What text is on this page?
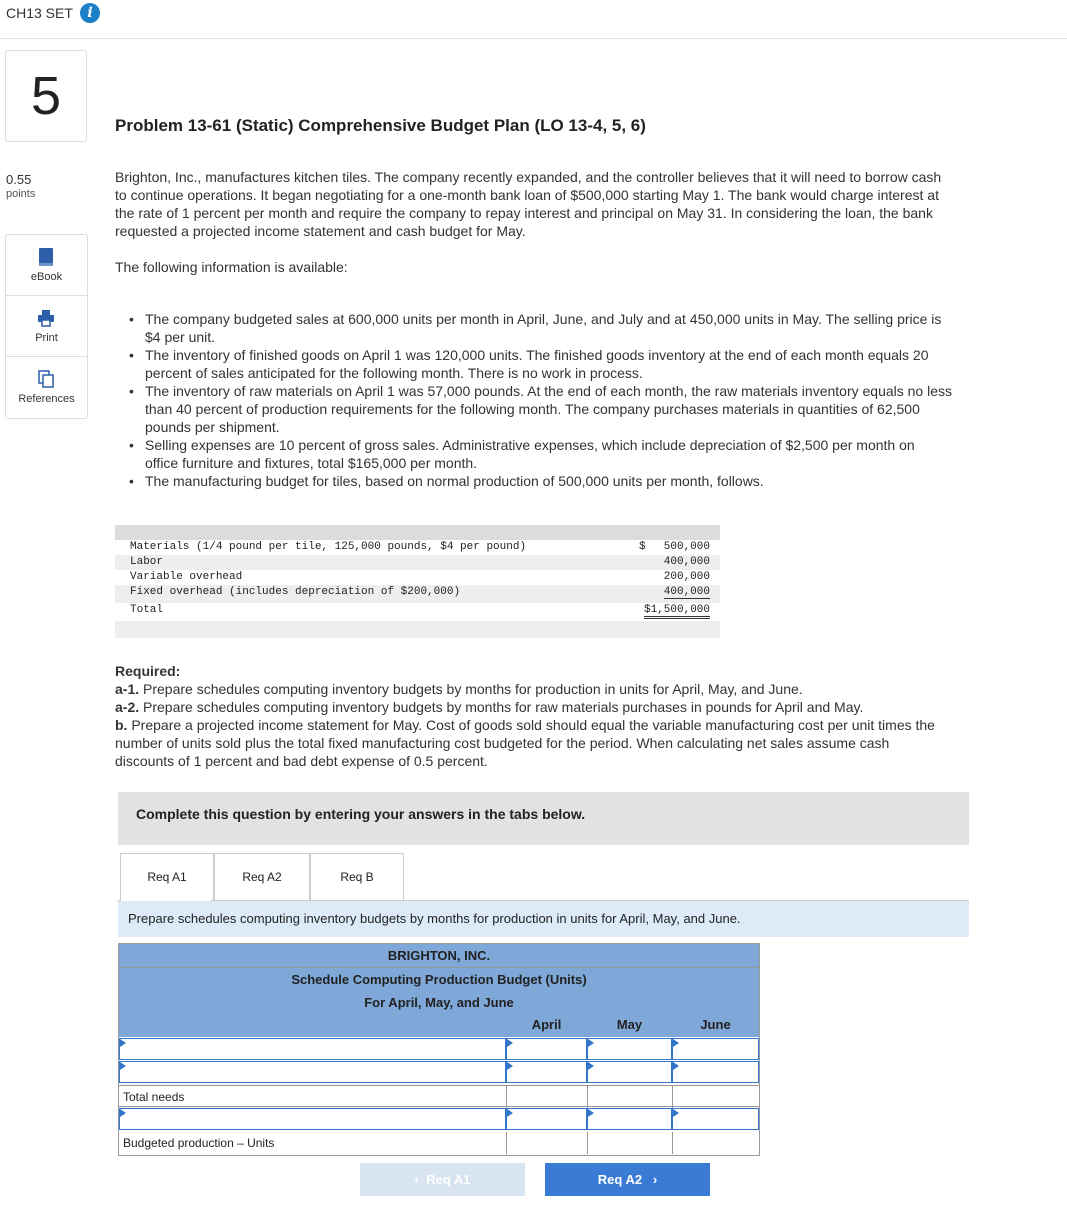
CH13 SET	i
5
0.55
points
eBook
Print
References
Problem 13-61 (Static) Comprehensive Budget Plan (LO 13-4, 5, 6)
Brighton, Inc., manufactures kitchen tiles. The company recently expanded, and the controller believes that it will need to borrow cash
to continue operations. It began negotiating for a one-month bank loan of $500,000 starting May 1. The bank would charge interest at
the rate of 1 percent per month and require the company to repay interest and principal on May 31. In considering the loan, the bank
requested a projected income statement and cash budget for May.
The following information is available:
• The company budgeted sales at 600,000 units per month in April, June, and July and at 450,000 units in May. The selling price is
$4 per unit.
• The inventory of finished goods on April 1 was 120,000 units. The finished goods inventory at the end of each month equals 20
percent of sales anticipated for the following month. There is no work in process.
• The inventory of raw materials on April 1 was 57,000 pounds. At the end of each month, the raw materials inventory equals no less
than 40 percent of production requirements for the following month. The company purchases materials in quantities of 62,500
pounds per shipment.
• Selling expenses are 10 percent of gross sales. Administrative expenses, which include depreciation of $2,500 per month on
office furniture and fixtures, total $165,000 per month.
• The manufacturing budget for tiles, based on normal production of 500,000 units per month, follows.
Materials (1/4 pound per tile, 125,000 pounds, $4 per pound)	$ 500,000
Labor	400,000
Variable overhead	200,000
Fixed overhead (includes depreciation of $200,000)	400,000
Total	$1,500,000
Required:
a-1. Prepare schedules computing inventory budgets by months for production in units for April, May, and June.
a-2. Prepare schedules computing inventory budgets by months for raw materials purchases in pounds for April and May.
b. Prepare a projected income statement for May. Cost of goods sold should equal the variable manufacturing cost per unit times the
number of units sold plus the total fixed manufacturing cost budgeted for the period. When calculating net sales assume cash
discounts of 1 percent and bad debt expense of 0.5 percent.
Complete this question by entering your answers in the tabs below.
Req A1	Req A2	Req B
Prepare schedules computing inventory budgets by months for production in units for April, May, and June.
BRIGHTON, INC.
Schedule Computing Production Budget (Units)
For April, May, and June
April	May	June
Total needs
Budgeted production – Units
‹ Req A1	Req A2 ›
